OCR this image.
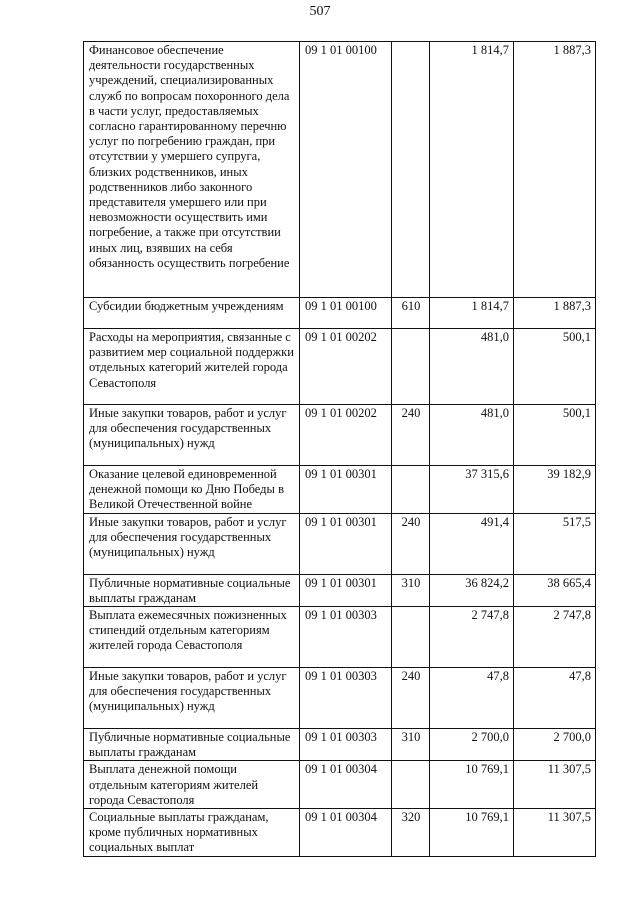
507
Финансовое обеспечение деятельности государственных учреждений, специализированных служб по вопросам похоронного дела в части услуг, предоставляемых согласно гарантированному перечню услуг по погребению граждан, при отсутствии у умершего супруга, близких родственников, иных родственников либо законного представителя умершего или при невозможности осуществить ими погребение, а также при отсутствии иных лиц, взявших на себя обязанность осуществить погребение	09 1 01 00100		1 814,7	1 887,3
Субсидии бюджетным учреждениям	09 1 01 00100	610	1 814,7	1 887,3
Расходы на мероприятия, связанные с развитием мер социальной поддержки отдельных категорий жителей города Севастополя	09 1 01 00202		481,0	500,1
Иные закупки товаров, работ и услуг для обеспечения государственных (муниципальных) нужд	09 1 01 00202	240	481,0	500,1
Оказание целевой единовременной денежной помощи ко Дню Победы в Великой Отечественной войне	09 1 01 00301		37 315,6	39 182,9
Иные закупки товаров, работ и услуг для обеспечения государственных (муниципальных) нужд	09 1 01 00301	240	491,4	517,5
Публичные нормативные социальные выплаты гражданам	09 1 01 00301	310	36 824,2	38 665,4
Выплата ежемесячных пожизненных стипендий отдельным категориям жителей города Севастополя	09 1 01 00303		2 747,8	2 747,8
Иные закупки товаров, работ и услуг для обеспечения государственных (муниципальных) нужд	09 1 01 00303	240	47,8	47,8
Публичные нормативные социальные выплаты гражданам	09 1 01 00303	310	2 700,0	2 700,0
Выплата денежной помощи отдельным категориям жителей города Севастополя	09 1 01 00304		10 769,1	11 307,5
Социальные выплаты гражданам, кроме публичных нормативных социальных выплат	09 1 01 00304	320	10 769,1	11 307,5
